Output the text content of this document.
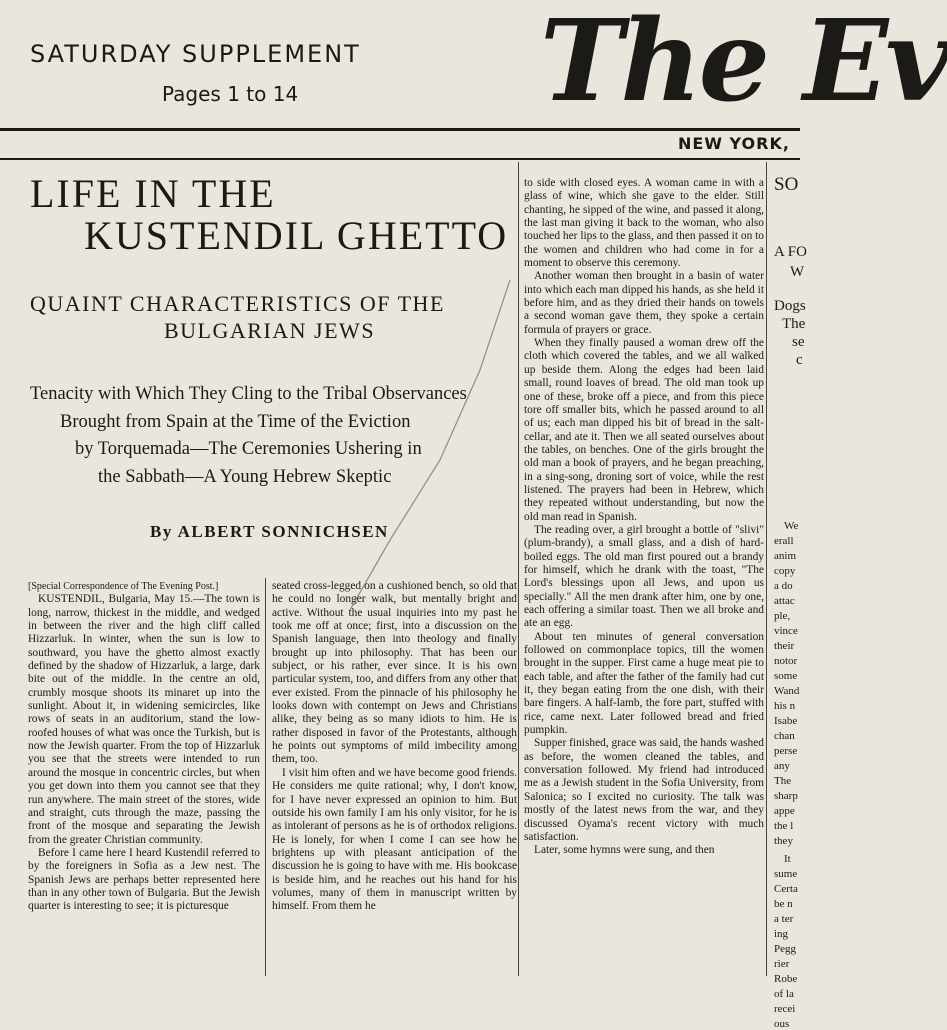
SATURDAY SUPPLEMENT
Pages 1 to 14 The Ev
NEW YORK,
LIFE IN THE
KUSTENDIL GHETTO
QUAINT CHARACTERISTICS OF THE
BULGARIAN JEWS
Tenacity with Which They Cling to the Tribal Observances
Brought from Spain at the Time of the Eviction
by Torquemada—The Ceremonies Ushering in
the Sabbath—A Young Hebrew Skeptic
By ALBERT SONNICHSEN

[Special Correspondence of The Evening Post.]

KUSTENDIL, Bulgaria, May 15.—The town is long, narrow, thickest in the middle, and wedged in between the river and the high cliff called Hizzarluk. In winter, when the sun is low to southward, you have the ghetto almost exactly defined by the shadow of Hizzarluk, a large, dark bite out of the middle. In the centre an old, crumbly mosque shoots its minaret up into the sunlight. About it, in widening semicircles, like rows of seats in an auditorium, stand the low-roofed houses of what was once the Turkish, but is now the Jewish quarter. From the top of Hizzarluk you see that the streets were intended to run around the mosque in concentric circles, but when you get down into them you cannot see that they run anywhere. The main street of the stores, wide and straight, cuts through the maze, passing the front of the mosque and separating the Jewish from the greater Christian community.

Before I came here I heard Kustendil referred to by the foreigners in Sofia as a Jew nest. The Spanish Jews are perhaps better represented here than in any other town of Bulgaria. But the Jewish quarter is interesting to see; it is picturesque

seated cross-legged on a cushioned bench, so old that he could no longer walk, but mentally bright and active. Without the usual inquiries into my past he took me off at once; first, into a discussion on the Spanish language, then into theology and finally brought up into philosophy. That has been our subject, or his rather, ever since. It is his own particular system, too, and differs from any other that ever existed. From the pinnacle of his philosophy he looks down with contempt on Jews and Christians alike, they being as so many idiots to him. He is rather disposed in favor of the Protestants, although he points out symptoms of mild imbecility among them, too.

I visit him often and we have become good friends. He considers me quite rational; why, I don't know, for I have never expressed an opinion to him. But outside his own family I am his only visitor, for he is as intolerant of persons as he is of orthodox religions. He is lonely, for when I come I can see how he brightens up with pleasant anticipation of the discussion he is going to have with me. His bookcase is beside him, and he reaches out his hand for his volumes, many of them in manuscript written by himself. From them he

to side with closed eyes. A woman came in with a glass of wine, which she gave to the elder. Still chanting, he sipped of the wine, and passed it along, the last man giving it back to the woman, who also touched her lips to the glass, and then passed it on to the women and children who had come in for a moment to observe this ceremony.

Another woman then brought in a basin of water into which each man dipped his hands, as she held it before him, and as they dried their hands on towels a second woman gave them, they spoke a certain formula of prayers or grace.

When they finally paused a woman drew off the cloth which covered the tables, and we all walked up beside them. Along the edges had been laid small, round loaves of bread. The old man took up one of these, broke off a piece, and from this piece tore off smaller bits, which he passed around to all of us; each man dipped his bit of bread in the salt-cellar, and ate it. Then we all seated ourselves about the tables, on benches. One of the girls brought the old man a book of prayers, and he began preaching, in a sing-song, droning sort of voice, while the rest listened. The prayers had been in Hebrew, which they repeated without understanding, but now the old man read in Spanish.

The reading over, a girl brought a bottle of "slivi" (plum-brandy), a small glass, and a dish of hard-boiled eggs. The old man first poured out a brandy for himself, which he drank with the toast, "The Lord's blessings upon all Jews, and upon us specially." All the men drank after him, one by one, each offering a similar toast. Then we all broke and ate an egg.

About ten minutes of general conversation followed on commonplace topics, till the women brought in the supper. First came a huge meat pie to each table, and after the father of the family had cut it, they began eating from the one dish, with their bare fingers. A half-lamb, the fore part, stuffed with rice, came next. Later followed bread and fried pumpkin.

Supper finished, grace was said, the hands washed as before, the women cleaned the tables, and conversation followed. My friend had introduced me as a Jewish student in the Sofia University, from Salonica; so I excited no curiosity. The talk was mostly of the latest news from the war, and they discussed Oyama's recent victory with much satisfaction.

Later, some hymns were sung, and then

SO
A FO
W
Dogs
The
se
c
We
erall
anim
copy
a do
attac
ple,
vince
their
notor
some
Wand
his n
Isabe
chan
perse
any
The
sharp
appe
the l
they
It
sume
Certa
be n
a ter
ing
Pegg
rier
Robe
of la
recei
ous
